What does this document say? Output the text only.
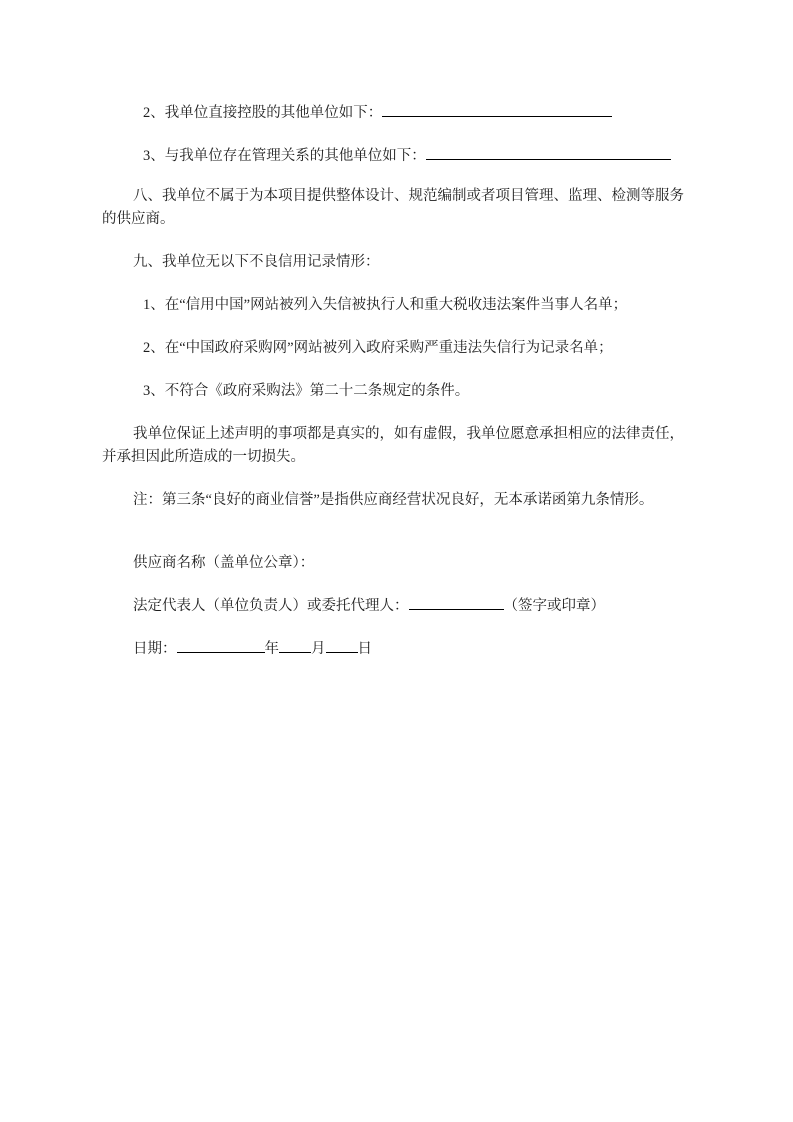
2、我单位直接控股的其他单位如下：
3、与我单位存在管理关系的其他单位如下：
八、我单位不属于为本项目提供整体设计、规范编制或者项目管理、监理、检测等服务
的供应商。
九、我单位无以下不良信用记录情形：
1、在“信用中国”网站被列入失信被执行人和重大税收违法案件当事人名单；
2、在“中国政府采购网”网站被列入政府采购严重违法失信行为记录名单；
3、不符合《政府采购法》第二十二条规定的条件。
我单位保证上述声明的事项都是真实的，如有虚假，我单位愿意承担相应的法律责任，
并承担因此所造成的一切损失。
注：第三条“良好的商业信誉”是指供应商经营状况良好，无本承诺函第九条情形。
供应商名称（盖单位公章）：
法定代表人（单位负责人）或委托代理人：	（签字或印章）
日期：	年 月 日
